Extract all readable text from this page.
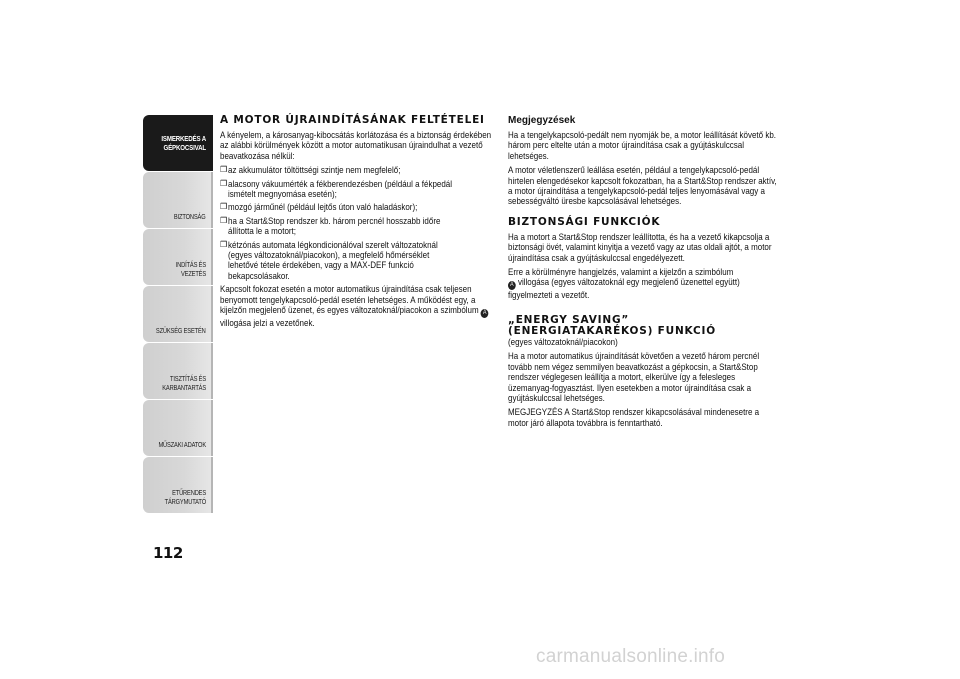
ISMERKEDÉS A GÉPKOCSIVAL
BIZTONSÁG
INDÍTÁS ÉS VEZETÉS
SZÜKSÉG ESETÉN
TISZTÍTÁS ÉS KARBANTARTÁS
MŰSZAKI ADATOK
ETŰRENDES TÁRGYMUTATÓ
112
A MOTOR ÚJRAINDÍTÁSÁNAK FELTÉTELEI
A kényelem, a károsanyag-kibocsátás korlátozása és a biztonság érdekében az alábbi körülmények között a motor automatikusan újraindulhat a vezető beavatkozása nélkül:
❒ az akkumulátor töltöttségi szintje nem megfelelő;
❒ alacsony vákuumérték a fékberendezésben (például a fékpedál ismételt megnyomása esetén);
❒ mozgó járműnél (például lejtős úton való haladáskor);
❒ ha a Start&Stop rendszer kb. három percnél hosszabb időre állította le a motort;
❒ kétzónás automata légkondicionálóval szerelt változatoknál (egyes változatoknál/piacokon), a megfelelő hőmérséklet lehetővé tétele érdekében, vagy a MAX-DEF funkció bekapcsolásakor.
Kapcsolt fokozat esetén a motor automatikus újraindítása csak teljesen benyomott tengelykapcsoló-pedál esetén lehetséges. A működést egy, a kijelzőn megjelenő üzenet, és egyes változatoknál/piacokon a szimbólum A villogása jelzi a vezetőnek.
Megjegyzések
Ha a tengelykapcsoló-pedált nem nyomják be, a motor leállítását követő kb. három perc eltelte után a motor újraindítása csak a gyújtáskulccsal lehetséges.
A motor véletlenszerű leállása esetén, például a tengelykapcsoló-pedál hirtelen elengedésekor kapcsolt fokozatban, ha a Start&Stop rendszer aktív, a motor újraindítása a tengelykapcsoló-pedál teljes lenyomásával vagy a sebességváltó üresbe kapcsolásával lehetséges.
BIZTONSÁGI FUNKCIÓK
Ha a motort a Start&Stop rendszer leállította, és ha a vezető kikapcsolja a biztonsági övét, valamint kinyitja a vezető vagy az utas oldali ajtót, a motor újraindítása csak a gyújtáskulccsal engedélyezett.
Erre a körülményre hangjelzés, valamint a kijelzőn a szimbólum
A villogása (egyes változatoknál egy megjelenő üzenettel együtt) figyelmezteti a vezetőt.
„ENERGY SAVING”
(ENERGIATAKARÉKOS) FUNKCIÓ
(egyes változatoknál/piacokon)
Ha a motor automatikus újraindítását követően a vezető három percnél tovább nem végez semmilyen beavatkozást a gépkocsin, a Start&Stop rendszer véglegesen leállítja a motort, elkerülve így a felesleges üzemanyag-fogyasztást. Ilyen esetekben a motor újraindítása csak a gyújtáskulccsal lehetséges.
MEGJEGYZÉS A Start&Stop rendszer kikapcsolásával mindenesetre a motor járó állapota továbbra is fenntartható.
carmanualsonline.info
